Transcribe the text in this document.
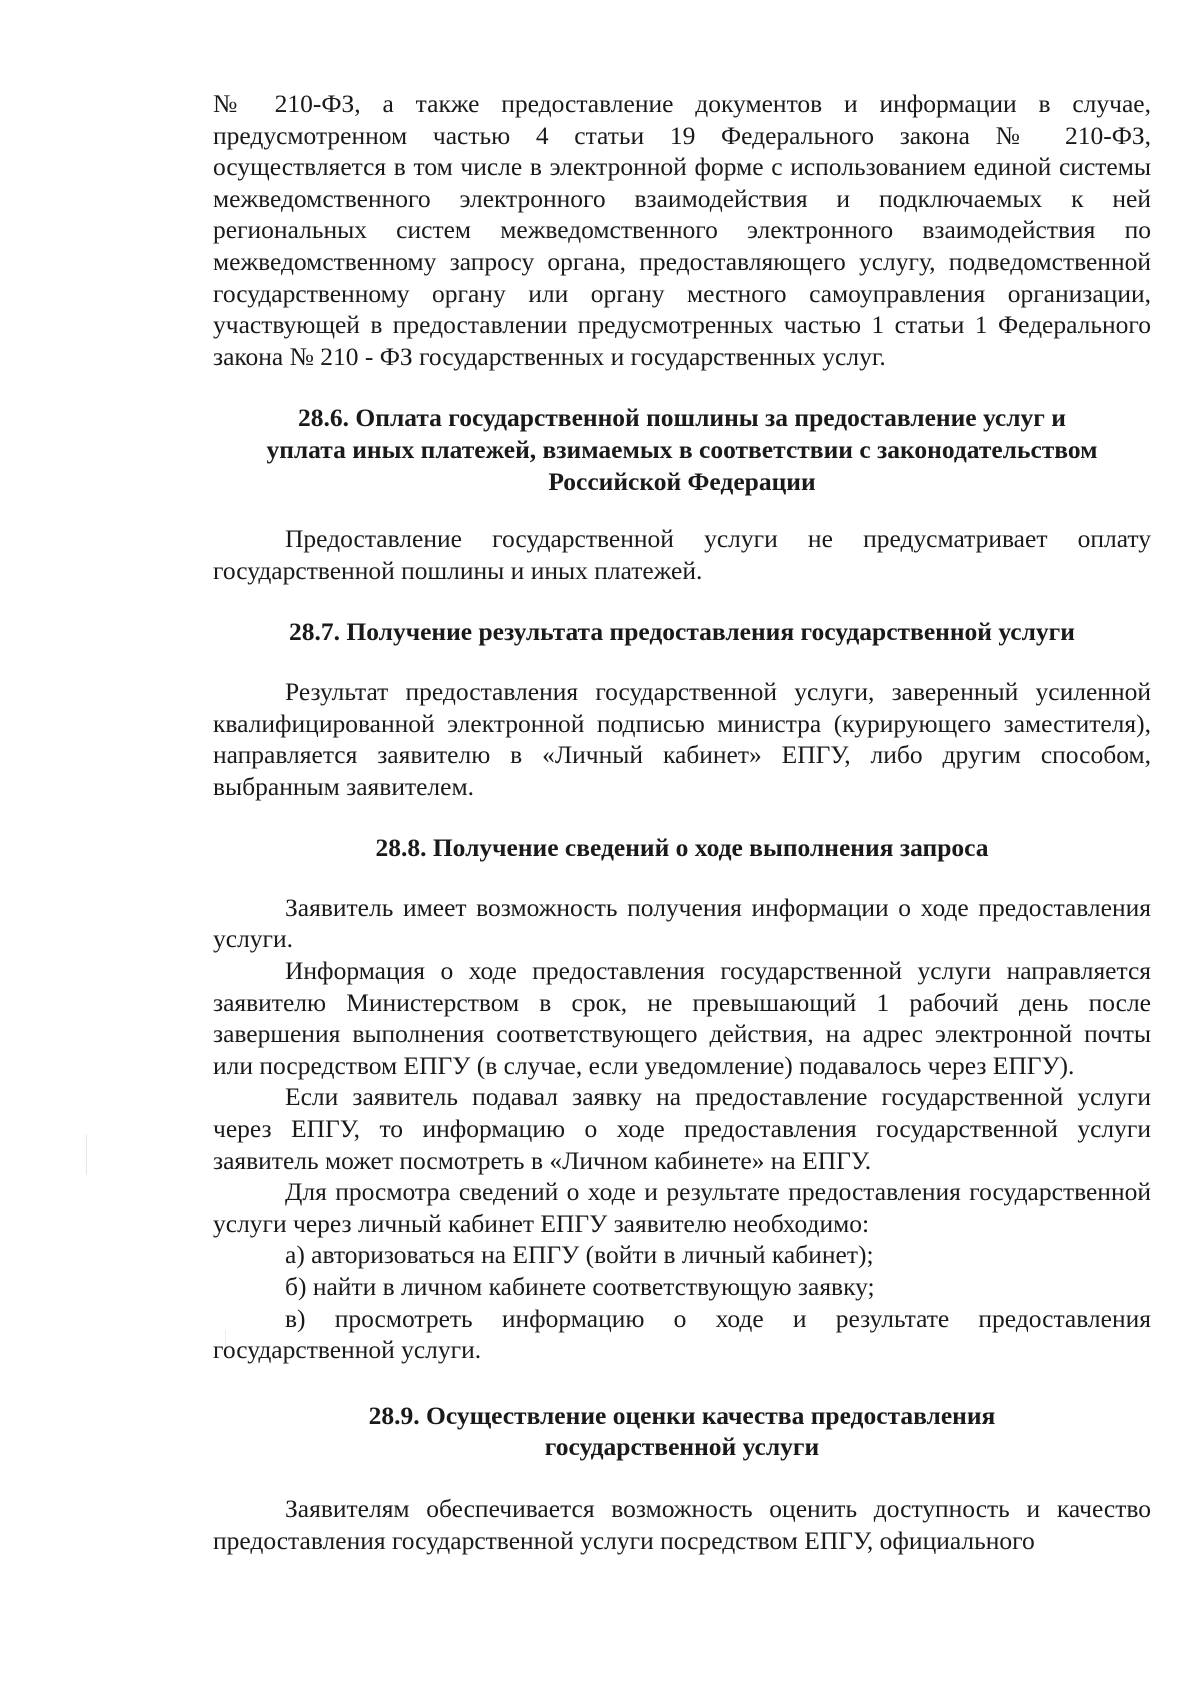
№ 210-ФЗ, а также предоставление документов и информации в случае, предусмотренном частью 4 статьи 19 Федерального закона № 210-ФЗ, осуществляется в том числе в электронной форме с использованием единой системы межведомственного электронного взаимодействия и подключаемых к ней региональных систем межведомственного электронного взаимодействия по межведомственному запросу органа, предоставляющего услугу, подведомственной государственному органу или органу местного самоуправления организации, участвующей в предоставлении предусмотренных частью 1 статьи 1 Федерального закона № 210 - ФЗ государственных и государственных услуг.

28.6. Оплата государственной пошлины за предоставление услуг и
уплата иных платежей, взимаемых в соответствии с законодательством
Российской Федерации

Предоставление государственной услуги не предусматривает оплату государственной пошлины и иных платежей.

28.7. Получение результата предоставления государственной услуги

Результат предоставления государственной услуги, заверенный усиленной квалифицированной электронной подписью министра (курирующего заместителя), направляется заявителю в «Личный кабинет» ЕПГУ, либо другим способом, выбранным заявителем.

28.8. Получение сведений о ходе выполнения запроса

Заявитель имеет возможность получения информации о ходе предоставления услуги.

Информация о ходе предоставления государственной услуги направляется заявителю Министерством в срок, не превышающий 1 рабочий день после завершения выполнения соответствующего действия, на адрес электронной почты или посредством ЕПГУ (в случае, если уведомление) подавалось через ЕПГУ).

Если заявитель подавал заявку на предоставление государственной услуги через ЕПГУ, то информацию о ходе предоставления государственной услуги заявитель может посмотреть в «Личном кабинете» на ЕПГУ.

Для просмотра сведений о ходе и результате предоставления государственной услуги через личный кабинет ЕПГУ заявителю необходимо:

а) авторизоваться на ЕПГУ (войти в личный кабинет);

б) найти в личном кабинете соответствующую заявку;

в) просмотреть информацию о ходе и результате предоставления государственной услуги.

28.9. Осуществление оценки качества предоставления
государственной услуги

Заявителям обеспечивается возможность оценить доступность и качество предоставления государственной услуги посредством ЕПГУ, официального
